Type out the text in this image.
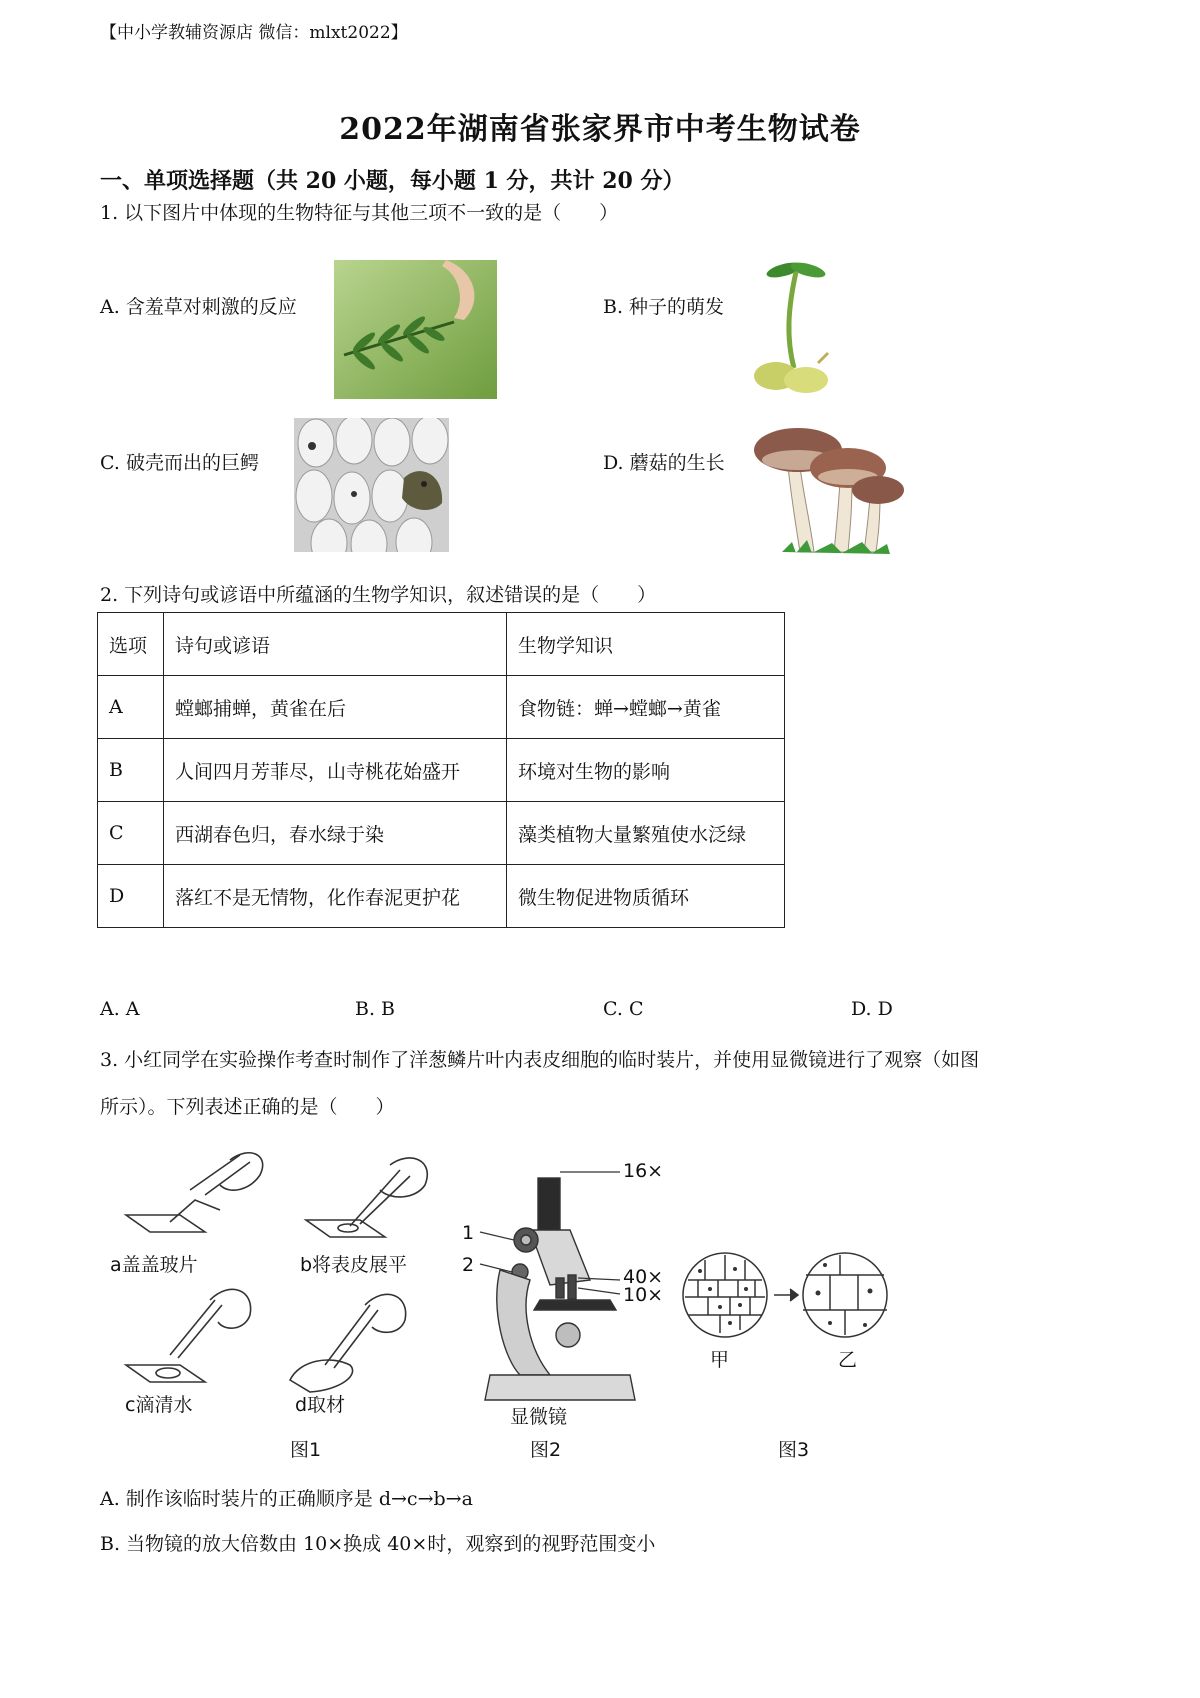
【中小学教辅资源店 微信：mlxt2022】
2022年湖南省张家界市中考生物试卷
一、单项选择题（共 20 小题，每小题 1 分，共计 20 分）
1. 以下图片中体现的生物特征与其他三项不一致的是（　　）
A. 含羞草对刺激的反应	B. 种子的萌发
C. 破壳而出的巨鳄	D. 蘑菇的生长
2. 下列诗句或谚语中所蕴涵的生物学知识，叙述错误的是（　　）
选项	诗句或谚语	生物学知识
A	螳螂捕蝉，黄雀在后	食物链：蝉→螳螂→黄雀
B	人间四月芳菲尽，山寺桃花始盛开	环境对生物的影响
C	西湖春色归，春水绿于染	藻类植物大量繁殖使水泛绿
D	落红不是无情物，化作春泥更护花	微生物促进物质循环
A. A	B. B	C. C	D. D
3. 小红同学在实验操作考查时制作了洋葱鳞片叶内表皮细胞的临时装片，并使用显微镜进行了观察（如图
所示）。下列表述正确的是（　　）
a盖盖玻片	b将表皮展平
c滴清水	d取材
图1
16×
1
2
40×
10×
显微镜
图2
甲	乙
图3
A. 制作该临时装片的正确顺序是 d→c→b→a
B. 当物镜的放大倍数由 10×换成 40×时，观察到的视野范围变小
